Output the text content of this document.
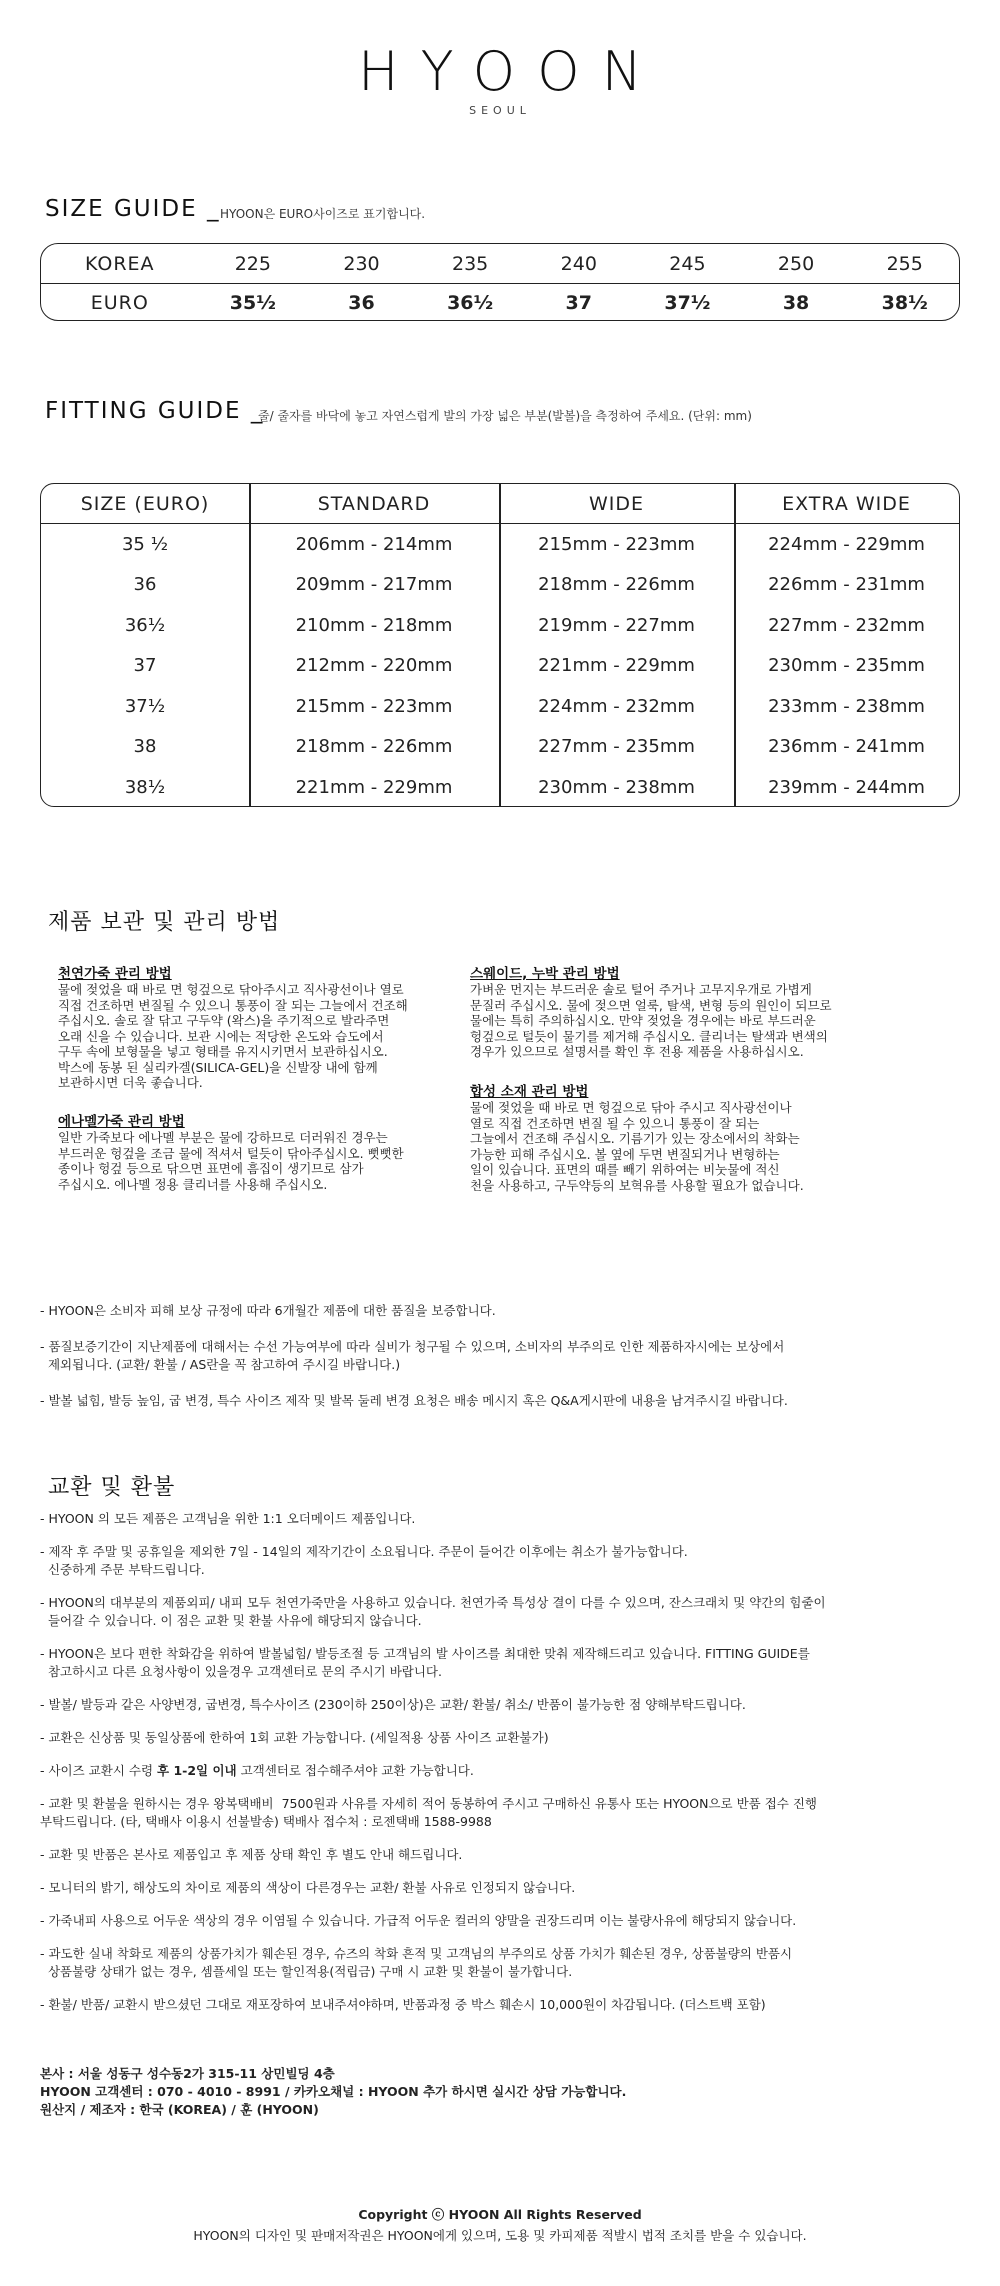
HYOON
SEOUL
SIZE GUIDE _ HYOON은 EURO사이즈로 표기합니다.
KOREA	225	230	235	240	245	250	255
EURO	35½	36	36½	37	37½	38	38½
FITTING GUIDE _
줄/ 줄자를 바닥에 놓고 자연스럽게 발의 가장 넓은 부분(발볼)을 측정하여 주세요. (단위: mm)
SIZE (EURO)	STANDARD	WIDE	EXTRA WIDE
35 ½	206mm - 214mm	215mm - 223mm	224mm - 229mm
36	209mm - 217mm	218mm - 226mm	226mm - 231mm
36½	210mm - 218mm	219mm - 227mm	227mm - 232mm
37	212mm - 220mm	221mm - 229mm	230mm - 235mm
37½	215mm - 223mm	224mm - 232mm	233mm - 238mm
38	218mm - 226mm	227mm - 235mm	236mm - 241mm
38½	221mm - 229mm	230mm - 238mm	239mm - 244mm
제품 보관 및 관리 방법
천연가죽 관리 방법
물에 젖었을 때 바로 면 헝겊으로 닦아주시고 직사광선이나 열로
직접 건조하면 변질될 수 있으니 통풍이 잘 되는 그늘에서 건조해
주십시오. 솔로 잘 닦고 구두약 (왁스)을 주기적으로 발라주면
오래 신을 수 있습니다. 보관 시에는 적당한 온도와 습도에서
구두 속에 보형물을 넣고 형태를 유지시키면서 보관하십시오.
박스에 동봉 된 실리카겔(SILICA-GEL)을 신발장 내에 함께
보관하시면 더욱 좋습니다.
에나멜가죽 관리 방법
일반 가죽보다 에나멜 부분은 물에 강하므로 더러워진 경우는
부드러운 헝겊을 조금 물에 적셔서 털듯이 닦아주십시오. 뻣뻣한
종이나 헝겊 등으로 닦으면 표면에 흠집이 생기므로 삼가
주십시오. 에나멜 정용 클리너를 사용해 주십시오.
스웨이드, 누박 관리 방법
가벼운 먼지는 부드러운 솔로 털어 주거나 고무지우개로 가볍게
문질러 주십시오. 물에 젖으면 얼룩, 탈색, 변형 등의 원인이 되므로
물에는 특히 주의하십시오. 만약 젖었을 경우에는 바로 부드러운
헝겊으로 털듯이 물기를 제거해 주십시오. 클리너는 탈색과 변색의
경우가 있으므로 설명서를 확인 후 전용 제품을 사용하십시오.
합성 소재 관리 방법
물에 젖었을 때 바로 면 헝겊으로 닦아 주시고 직사광선이나
열로 직접 건조하면 변질 될 수 있으니 통풍이 잘 되는
그늘에서 건조해 주십시오. 기름기가 있는 장소에서의 착화는
가능한 피해 주십시오. 볼 옆에 두면 변질되거나 변형하는
일이 있습니다. 표면의 때를 빼기 위하여는 비눗물에 적신
천을 사용하고, 구두약등의 보혁유를 사용할 필요가 없습니다.
- HYOON은 소비자 피해 보상 규정에 따라 6개월간 제품에 대한 품질을 보증합니다.
- 품질보증기간이 지난제품에 대해서는 수선 가능여부에 따라 실비가 청구될 수 있으며, 소비자의 부주의로 인한 제품하자시에는 보상에서
제외됩니다. (교환/ 환불 / AS란을 꼭 참고하여 주시길 바랍니다.)
- 발볼 넓힘, 발등 높임, 굽 변경, 특수 사이즈 제작 및 발목 둘레 변경 요청은 배송 메시지 혹은 Q&A게시판에 내용을 남겨주시길 바랍니다.
교환 및 환불
- HYOON 의 모든 제품은 고객님을 위한 1:1 오더메이드 제품입니다.
- 제작 후 주말 및 공휴일을 제외한 7일 - 14일의 제작기간이 소요됩니다. 주문이 들어간 이후에는 취소가 불가능합니다.
신중하게 주문 부탁드립니다.
- HYOON의 대부분의 제품외피/ 내피 모두 천연가죽만을 사용하고 있습니다. 천연가죽 특성상 결이 다를 수 있으며, 잔스크래치 및 약간의 힘줄이
들어갈 수 있습니다. 이 점은 교환 및 환불 사유에 해당되지 않습니다.
- HYOON은 보다 편한 착화감을 위하여 발볼넓힘/ 발등조절 등 고객님의 발 사이즈를 최대한 맞춰 제작해드리고 있습니다. FITTING GUIDE를
참고하시고 다른 요청사항이 있을경우 고객센터로 문의 주시기 바랍니다.
- 발볼/ 발등과 같은 사양변경, 굽변경, 특수사이즈 (230이하 250이상)은 교환/ 환불/ 취소/ 반품이 불가능한 점 양해부탁드립니다.
- 교환은 신상품 및 동일상품에 한하여 1회 교환 가능합니다. (세일적용 상품 사이즈 교환불가)
- 사이즈 교환시 수령 후 1-2일 이내 고객센터로 접수해주셔야 교환 가능합니다.
- 교환 및 환불을 원하시는 경우 왕복택배비  7500원과 사유를 자세히 적어 동봉하여 주시고 구매하신 유통사 또는 HYOON으로 반품 접수 진행
부탁드립니다. (타, 택배사 이용시 선불발송) 택배사 접수처 : 로젠택배 1588-9988
- 교환 및 반품은 본사로 제품입고 후 제품 상태 확인 후 별도 안내 해드립니다.
- 모니터의 밝기, 해상도의 차이로 제품의 색상이 다른경우는 교환/ 환불 사유로 인정되지 않습니다.
- 가죽내피 사용으로 어두운 색상의 경우 이염될 수 있습니다. 가급적 어두운 컬러의 양말을 권장드리며 이는 불량사유에 해당되지 않습니다.
- 과도한 실내 착화로 제품의 상품가치가 훼손된 경우, 슈즈의 착화 흔적 및 고객님의 부주의로 상품 가치가 훼손된 경우, 상품불량의 반품시
상품불량 상태가 없는 경우, 셈플세일 또는 할인적용(적립금) 구매 시 교환 및 환불이 불가합니다.
- 환불/ 반품/ 교환시 받으셨던 그대로 재포장하여 보내주셔야하며, 반품과정 중 박스 훼손시 10,000원이 차감됩니다. (더스트백 포함)
본사 : 서울 성동구 성수동2가 315-11 상민빌딩 4층
HYOON 고객센터 : 070 - 4010 - 8991 / 카카오채널 : HYOON 추가 하시면 실시간 상담 가능합니다.
원산지 / 제조자 : 한국 (KOREA) / 훈 (HYOON)
Copyright ⓒ HYOON All Rights Reserved
HYOON의 디자인 및 판매저작권은 HYOON에게 있으며, 도용 및 카피제품 적발시 법적 조치를 받을 수 있습니다.
